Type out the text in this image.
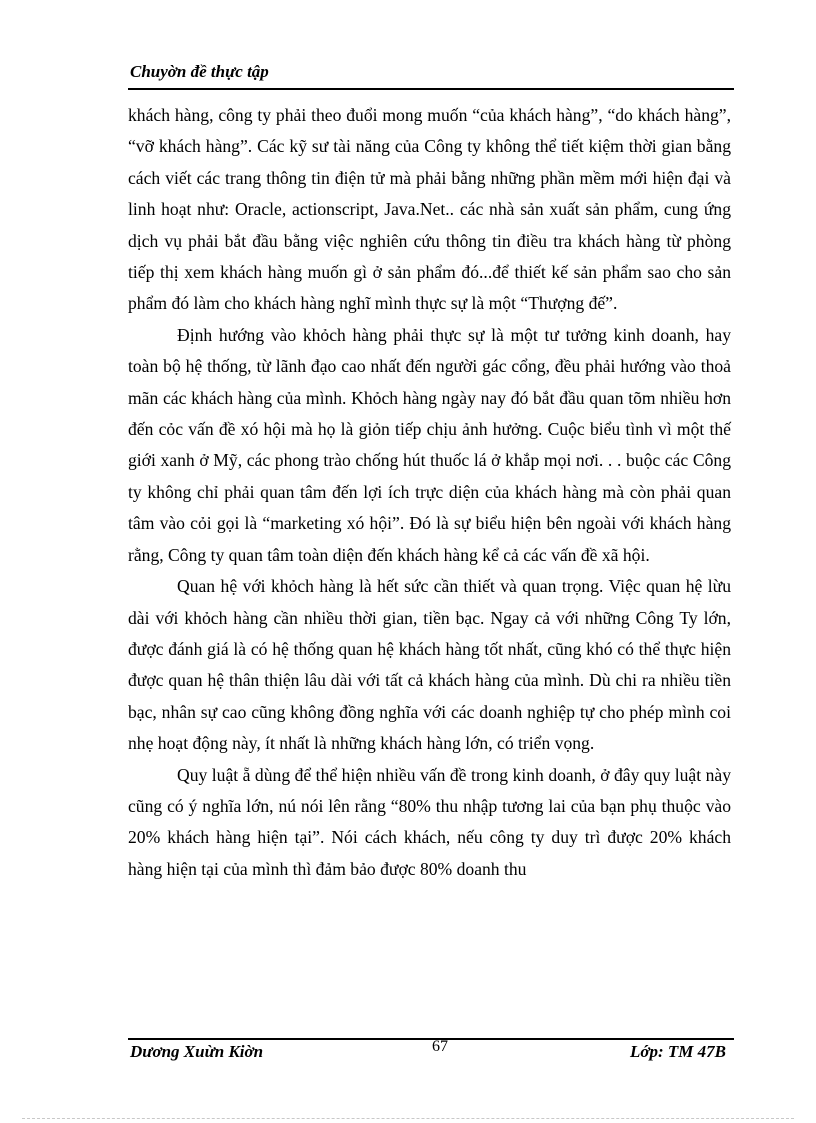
Chuyờn đề thực tập

khách hàng, công ty phải theo đuổi mong muốn “của khách hàng”, “do khách hàng”, “vỡ khách hàng”. Các kỹ sư tài năng của Công ty không thể tiết kiệm thời gian bằng cách viết các trang thông tin điện tử mà phải bằng những phần mềm mới hiện đại và linh hoạt như: Oracle, actionscript, Java.Net.. các nhà sản xuất sản phẩm, cung ứng dịch vụ phải bắt đầu bằng việc nghiên cứu thông tin điều tra khách hàng từ phòng tiếp thị xem khách hàng muốn gì ở sản phẩm đó...để thiết kế sản phẩm sao cho sản phẩm đó làm cho khách hàng nghĩ mình thực sự là một “Thượng đế”.

Định hướng vào khỏch hàng phải thực sự là một tư tưởng kinh doanh, hay toàn bộ hệ thống, từ lãnh đạo cao nhất đến người gác cổng, đều phải hướng vào thoả mãn các khách hàng của mình. Khỏch hàng ngày nay đó bắt đầu quan tõm nhiều hơn đến cỏc vấn đề xó hội mà họ là giỏn tiếp chịu ảnh hưởng. Cuộc biểu tình vì một thế giới xanh ở Mỹ, các phong trào chống hút thuốc lá ở khắp mọi nơi. . . buộc các Công ty không chỉ phải quan tâm đến lợi ích trực diện của khách hàng mà còn phải quan tâm vào cỏi gọi là “marketing xó hội”. Đó là sự biểu hiện bên ngoài với khách hàng rằng, Công ty quan tâm toàn diện đến khách hàng kể cả các vấn đề xã hội.

Quan hệ với khỏch hàng là hết sức cần thiết và quan trọng. Việc quan hệ lừu dài với khỏch hàng cần nhiều thời gian, tiền bạc. Ngay cả với những Công Ty lớn, được đánh giá là có hệ thống quan hệ khách hàng tốt nhất, cũng khó có thể thực hiện được quan hệ thân thiện lâu dài với tất cả khách hàng của mình. Dù chi ra nhiều tiền bạc, nhân sự cao cũng không đồng nghĩa với các doanh nghiệp tự cho phép mình coi nhẹ hoạt động này, ít nhất là những khách hàng lớn, có triển vọng.

Quy luật ẵ dùng để thể hiện nhiều vấn đề trong kinh doanh, ở đây quy luật này cũng có ý nghĩa lớn, nú nói lên rằng “80% thu nhập tương lai của bạn phụ thuộc vào 20% khách hàng hiện tại”. Nói cách khách, nếu công ty duy trì được 20% khách hàng hiện tại của mình thì đảm bảo được 80% doanh thu

Dương Xuừn Kiờn	67	Lớp: TM 47B
